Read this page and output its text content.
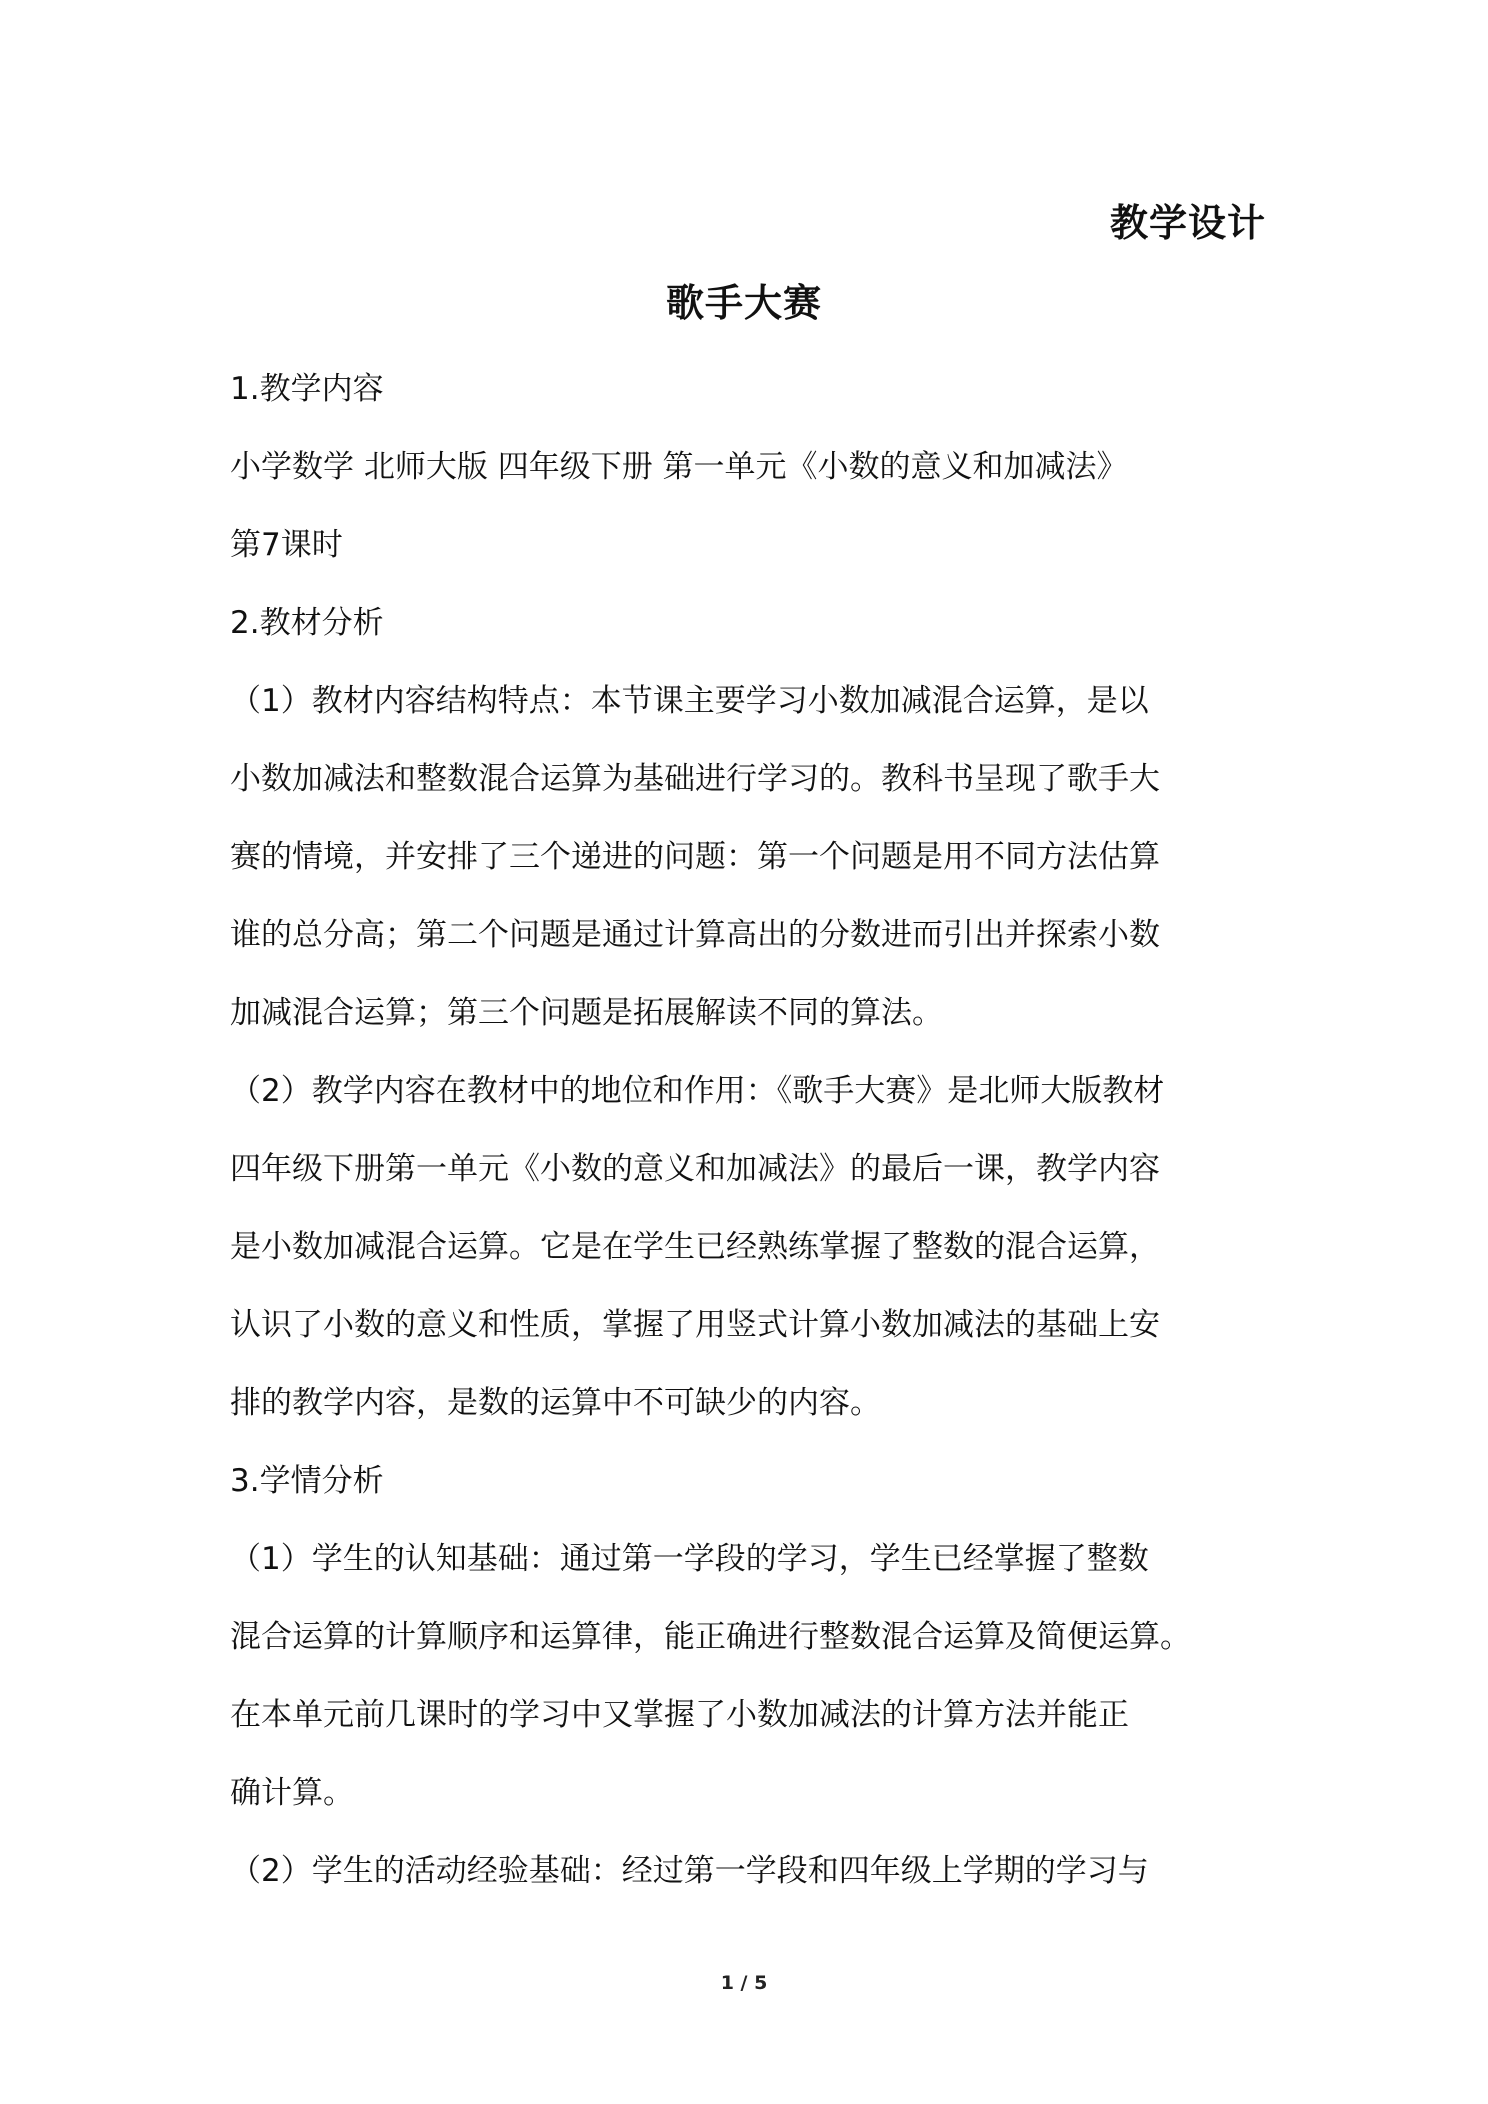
教学设计
歌手大赛
1.教学内容
小学数学 北师大版 四年级下册 第一单元《小数的意义和加减法》
第7课时
2.教材分析
（1）教材内容结构特点：本节课主要学习小数加减混合运算，是以
小数加减法和整数混合运算为基础进行学习的。教科书呈现了歌手大
赛的情境，并安排了三个递进的问题：第一个问题是用不同方法估算
谁的总分高；第二个问题是通过计算高出的分数进而引出并探索小数
加减混合运算；第三个问题是拓展解读不同的算法。
（2）教学内容在教材中的地位和作用：《歌手大赛》是北师大版教材
四年级下册第一单元《小数的意义和加减法》的最后一课，教学内容
是小数加减混合运算。它是在学生已经熟练掌握了整数的混合运算，
认识了小数的意义和性质，掌握了用竖式计算小数加减法的基础上安
排的教学内容，是数的运算中不可缺少的内容。
3.学情分析
（1）学生的认知基础：通过第一学段的学习，学生已经掌握了整数
混合运算的计算顺序和运算律，能正确进行整数混合运算及简便运算。
在本单元前几课时的学习中又掌握了小数加减法的计算方法并能正
确计算。
（2）学生的活动经验基础：经过第一学段和四年级上学期的学习与
1 / 5
